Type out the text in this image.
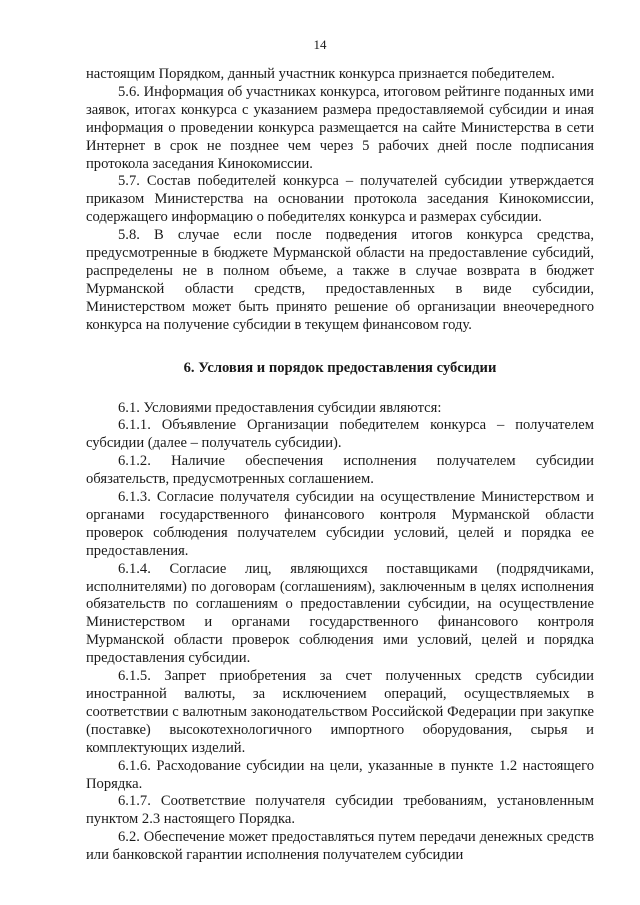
14

настоящим Порядком, данный участник конкурса признается победителем.

5.6. Информация об участниках конкурса, итоговом рейтинге поданных ими заявок, итогах конкурса с указанием размера предоставляемой субсидии и иная информация о проведении конкурса размещается на сайте Министерства в сети Интернет в срок не позднее чем через 5 рабочих дней после подписания протокола заседания Кинокомиссии.

5.7. Состав победителей конкурса – получателей субсидии утверждается приказом Министерства на основании протокола заседания Кинокомиссии, содержащего информацию о победителях конкурса и размерах субсидии.

5.8. В случае если после подведения итогов конкурса средства, предусмотренные в бюджете Мурманской области на предоставление субсидий, распределены не в полном объеме, а также в случае возврата в бюджет Мурманской области средств, предоставленных в виде субсидии, Министерством может быть принято решение об организации внеочередного конкурса на получение субсидии в текущем финансовом году.

6. Условия и порядок предоставления субсидии

6.1. Условиями предоставления субсидии являются:

6.1.1. Объявление Организации победителем конкурса – получателем субсидии (далее – получатель субсидии).

6.1.2. Наличие обеспечения исполнения получателем субсидии обязательств, предусмотренных соглашением.

6.1.3. Согласие получателя субсидии на осуществление Министерством и органами государственного финансового контроля Мурманской области проверок соблюдения получателем субсидии условий, целей и порядка ее предоставления.

6.1.4. Согласие лиц, являющихся поставщиками (подрядчиками, исполнителями) по договорам (соглашениям), заключенным в целях исполнения обязательств по соглашениям о предоставлении субсидии, на осуществление Министерством и органами государственного финансового контроля Мурманской области проверок соблюдения ими условий, целей и порядка предоставления субсидии.

6.1.5. Запрет приобретения за счет полученных средств субсидии иностранной валюты, за исключением операций, осуществляемых в соответствии с валютным законодательством Российской Федерации при закупке (поставке) высокотехнологичного импортного оборудования, сырья и комплектующих изделий.

6.1.6. Расходование субсидии на цели, указанные в пункте 1.2 настоящего Порядка.

6.1.7. Соответствие получателя субсидии требованиям, установленным пунктом 2.3 настоящего Порядка.

6.2. Обеспечение может предоставляться путем передачи денежных средств или банковской гарантии исполнения получателем субсидии
